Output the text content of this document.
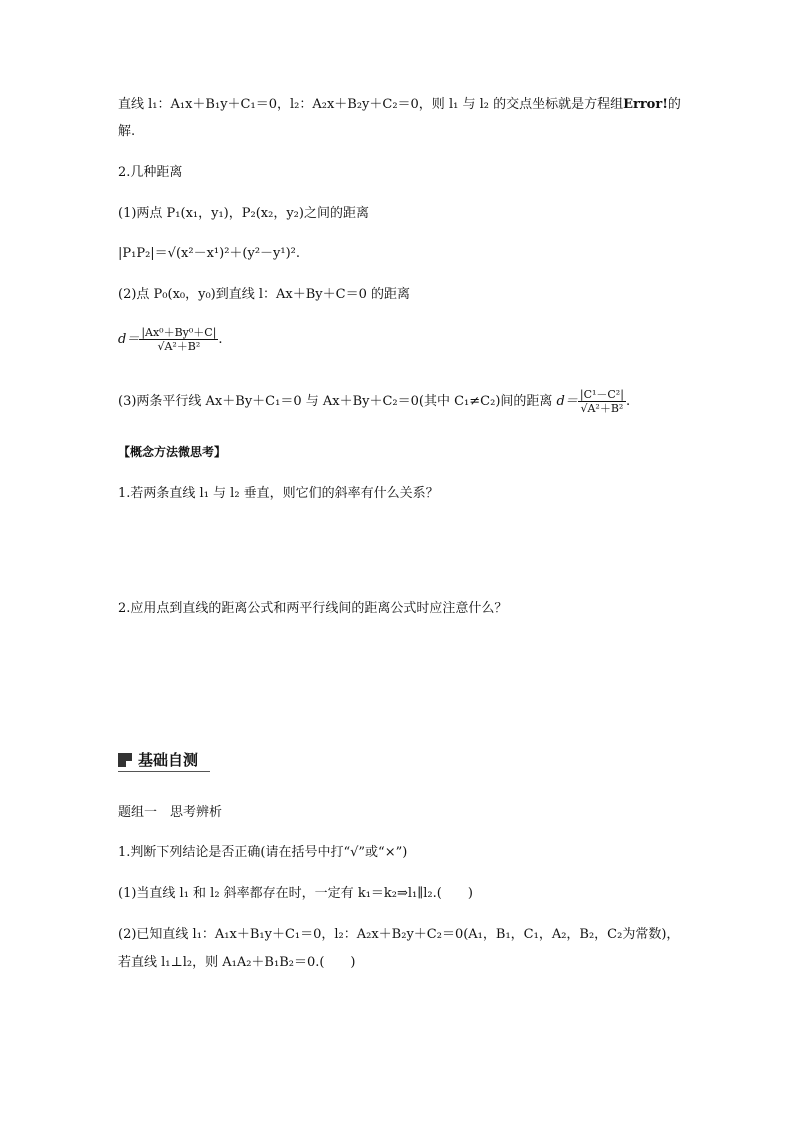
直线 l₁：A₁x＋B₁y＋C₁＝0，l₂：A₂x＋B₂y＋C₂＝0，则 l₁ 与 l₂ 的交点坐标就是方程组Error!的
解.
2.几种距离
(1)两点 P₁(x₁，y₁)，P₂(x₂，y₂)之间的距离
|P₁P₂|＝√(x²－x¹)²＋(y²－y¹)².
(2)点 P₀(x₀，y₀)到直线 l：Ax＋By＋C＝0 的距离
$d= \frac{\text{|Ax⁰＋By⁰＋C|}}{\text{√A²＋B²}}$ .
(3)两条平行线 Ax＋By＋C₁＝0 与 Ax＋By＋C₂＝0(其中 C₁≠C₂)间的距离 $d= \frac{\text{|C¹－C²|}}{\text{√A²＋B²}}$ .
【概念方法微思考】
1.若两条直线 l₁ 与 l₂ 垂直，则它们的斜率有什么关系？
2.应用点到直线的距离公式和两平行线间的距离公式时应注意什么？
基础自测
题组一　思考辨析
1.判断下列结论是否正确(请在括号中打“√”或“×”)
(1)当直线 l₁ 和 l₂ 斜率都存在时，一定有 k₁＝k₂⇒l₁∥l₂.(　　)
(2)已知直线 l₁：A₁x＋B₁y＋C₁＝0，l₂：A₂x＋B₂y＋C₂＝0(A₁，B₁，C₁，A₂，B₂，C₂为常数)，
若直线 l₁⊥l₂，则 A₁A₂＋B₁B₂＝0.(　　)
